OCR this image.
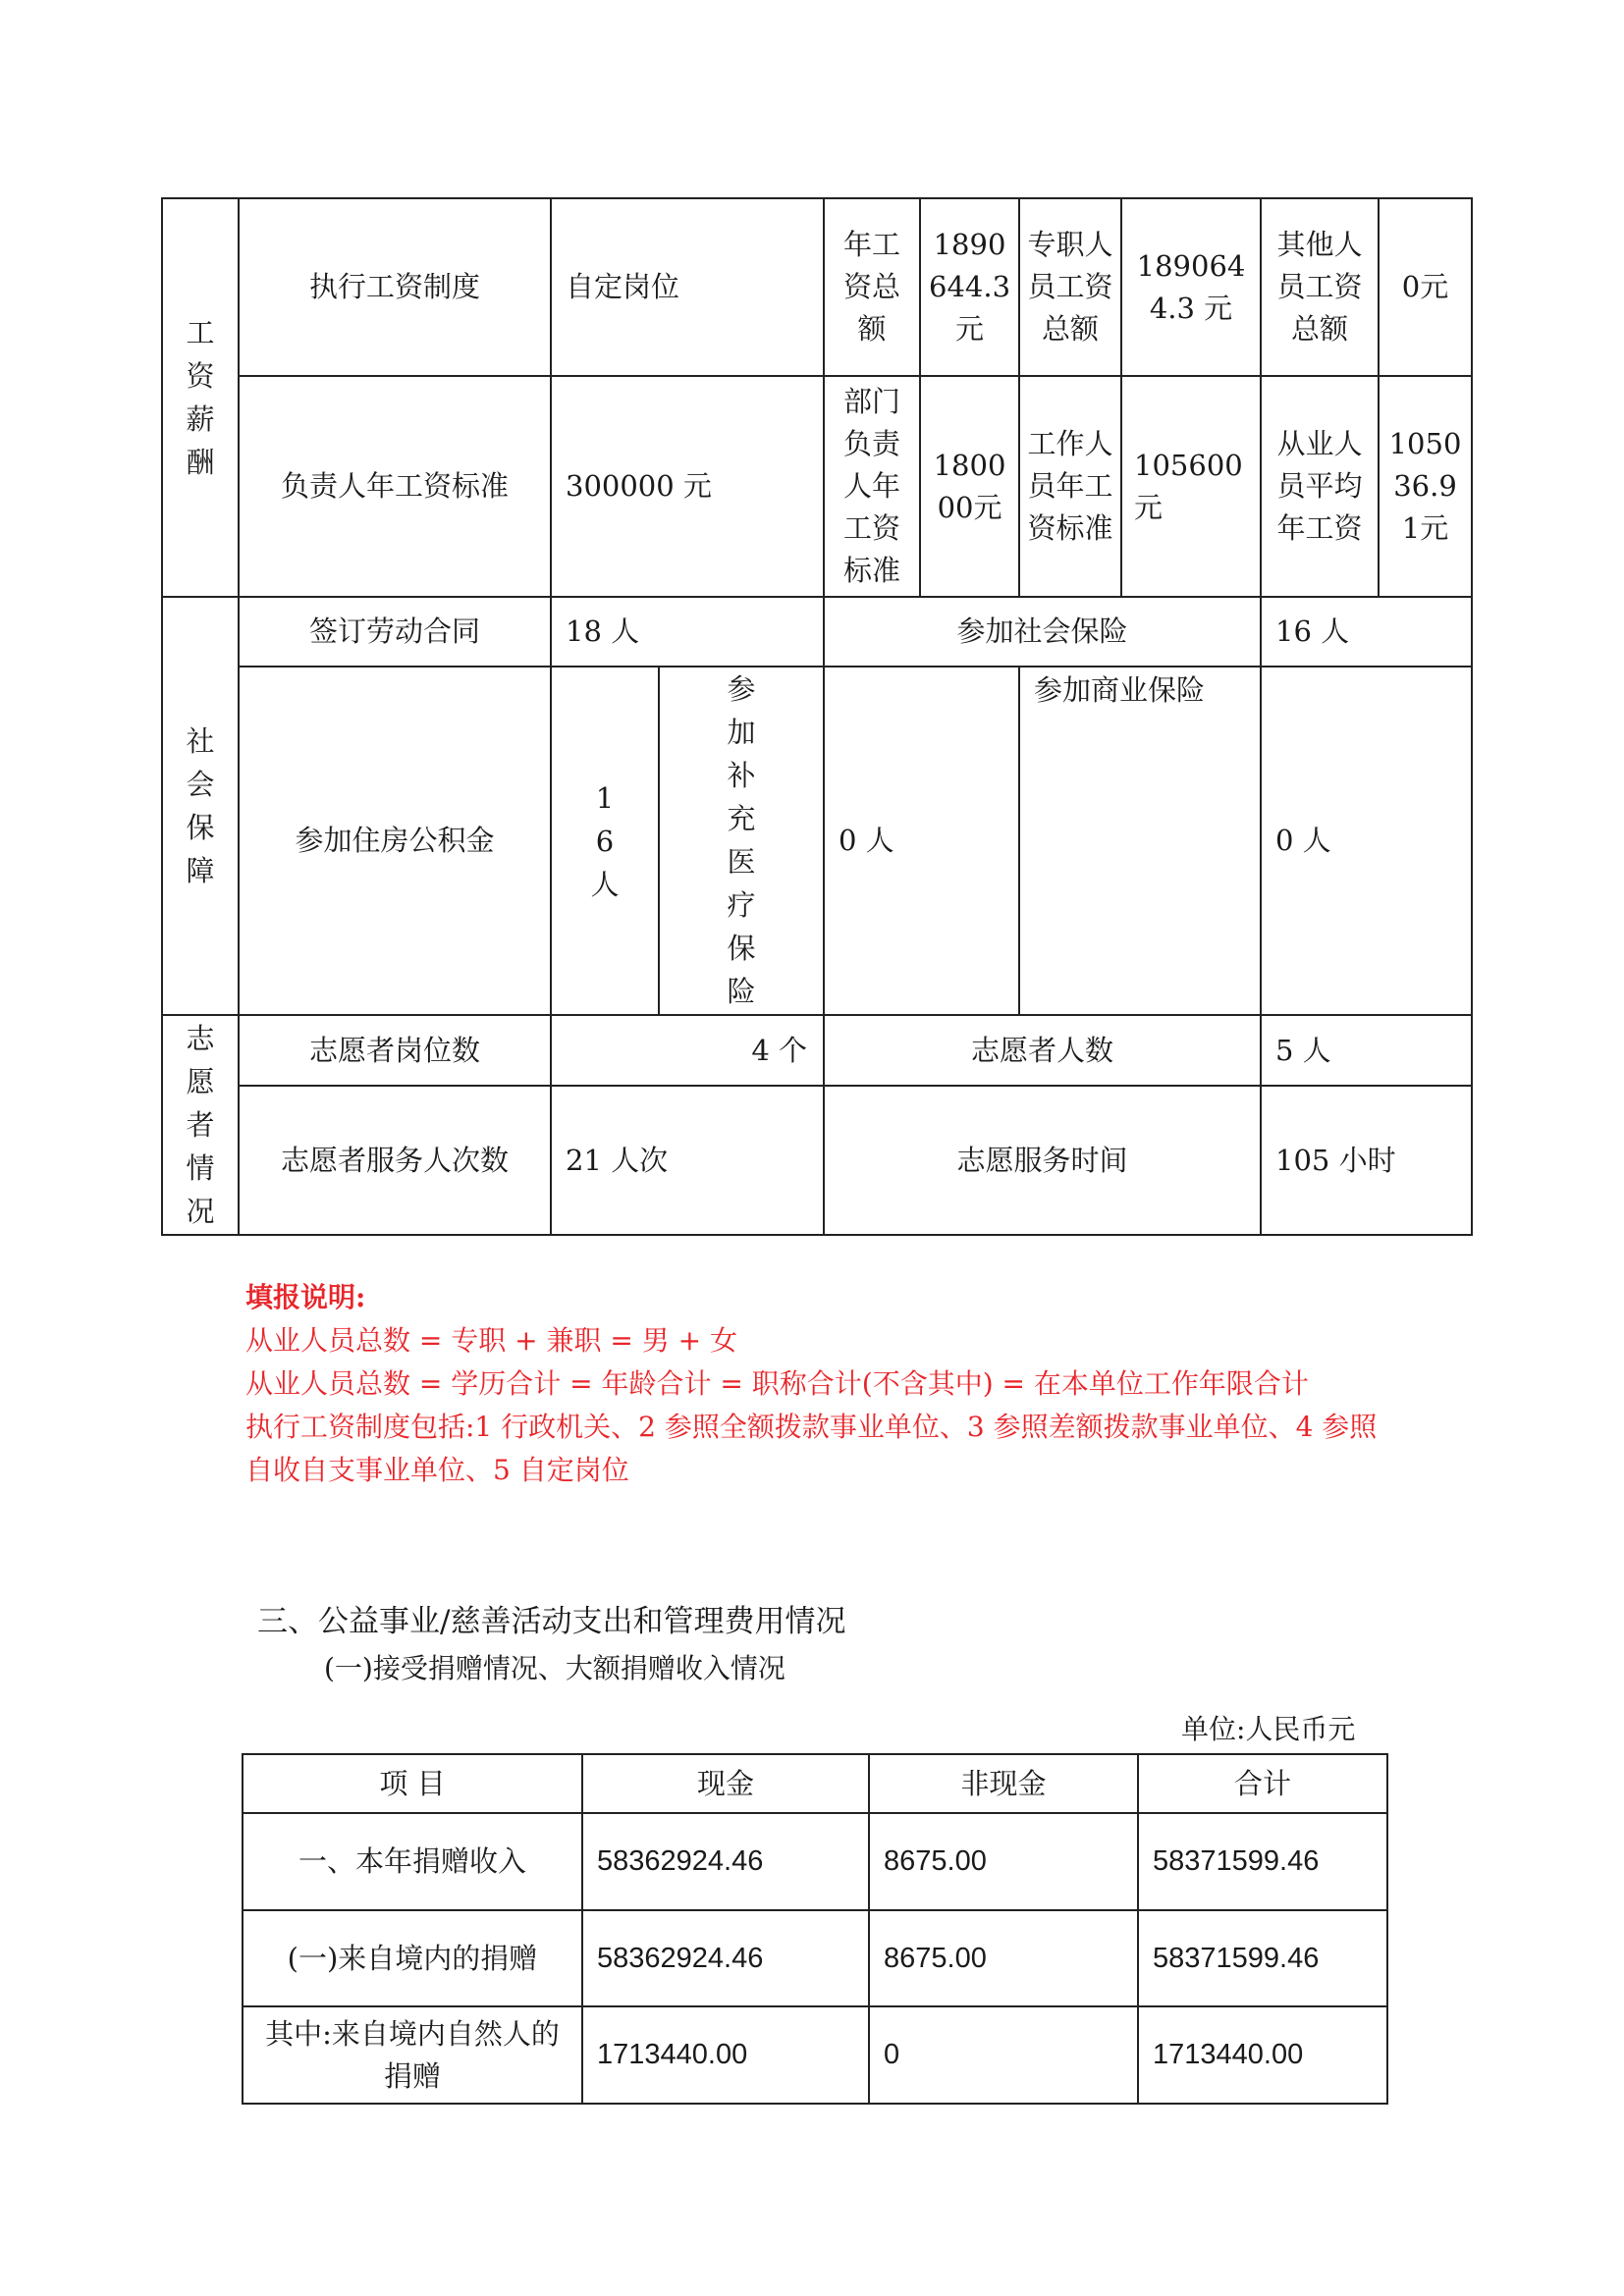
工资薪酬	执行工资制度	自定岗位		年工资总额	1890644.3元	专职人员工资总额	1890644.3 元	其他人员工资总额	0元
	负责人年工资标准	300000 元		部门负责人年工资标准	180000元	工作人员年工资标准	105600元	从业人员平均年工资	105036.91元

社会保障	签订劳动合同	18 人		参加社会保险				16 人	
	参加住房公积金	16人	参加补充医疗保险	0 人		参加商业保险		0 人	

志愿者情况	志愿者岗位数	4 个		志愿者人数				5 人	
	志愿者服务人次数	21 人次		志愿服务时间				105 小时	
填报说明:
从业人员总数 = 专职 + 兼职 = 男 + 女
从业人员总数 = 学历合计 = 年龄合计 = 职称合计(不含其中) = 在本单位工作年限合计
执行工资制度包括:1 行政机关、2 参照全额拨款事业单位、3 参照差额拨款事业单位、4 参照自收自支事业单位、5 自定岗位
三、公益事业/慈善活动支出和管理费用情况
(一)接受捐赠情况、大额捐赠收入情况
单位:人民币元
项 目	现金	非现金	合计
一、本年捐赠收入	58362924.46	8675.00	58371599.46
(一)来自境内的捐赠	58362924.46	8675.00	58371599.46
其中:来自境内自然人的捐赠	1713440.00	0	1713440.00
